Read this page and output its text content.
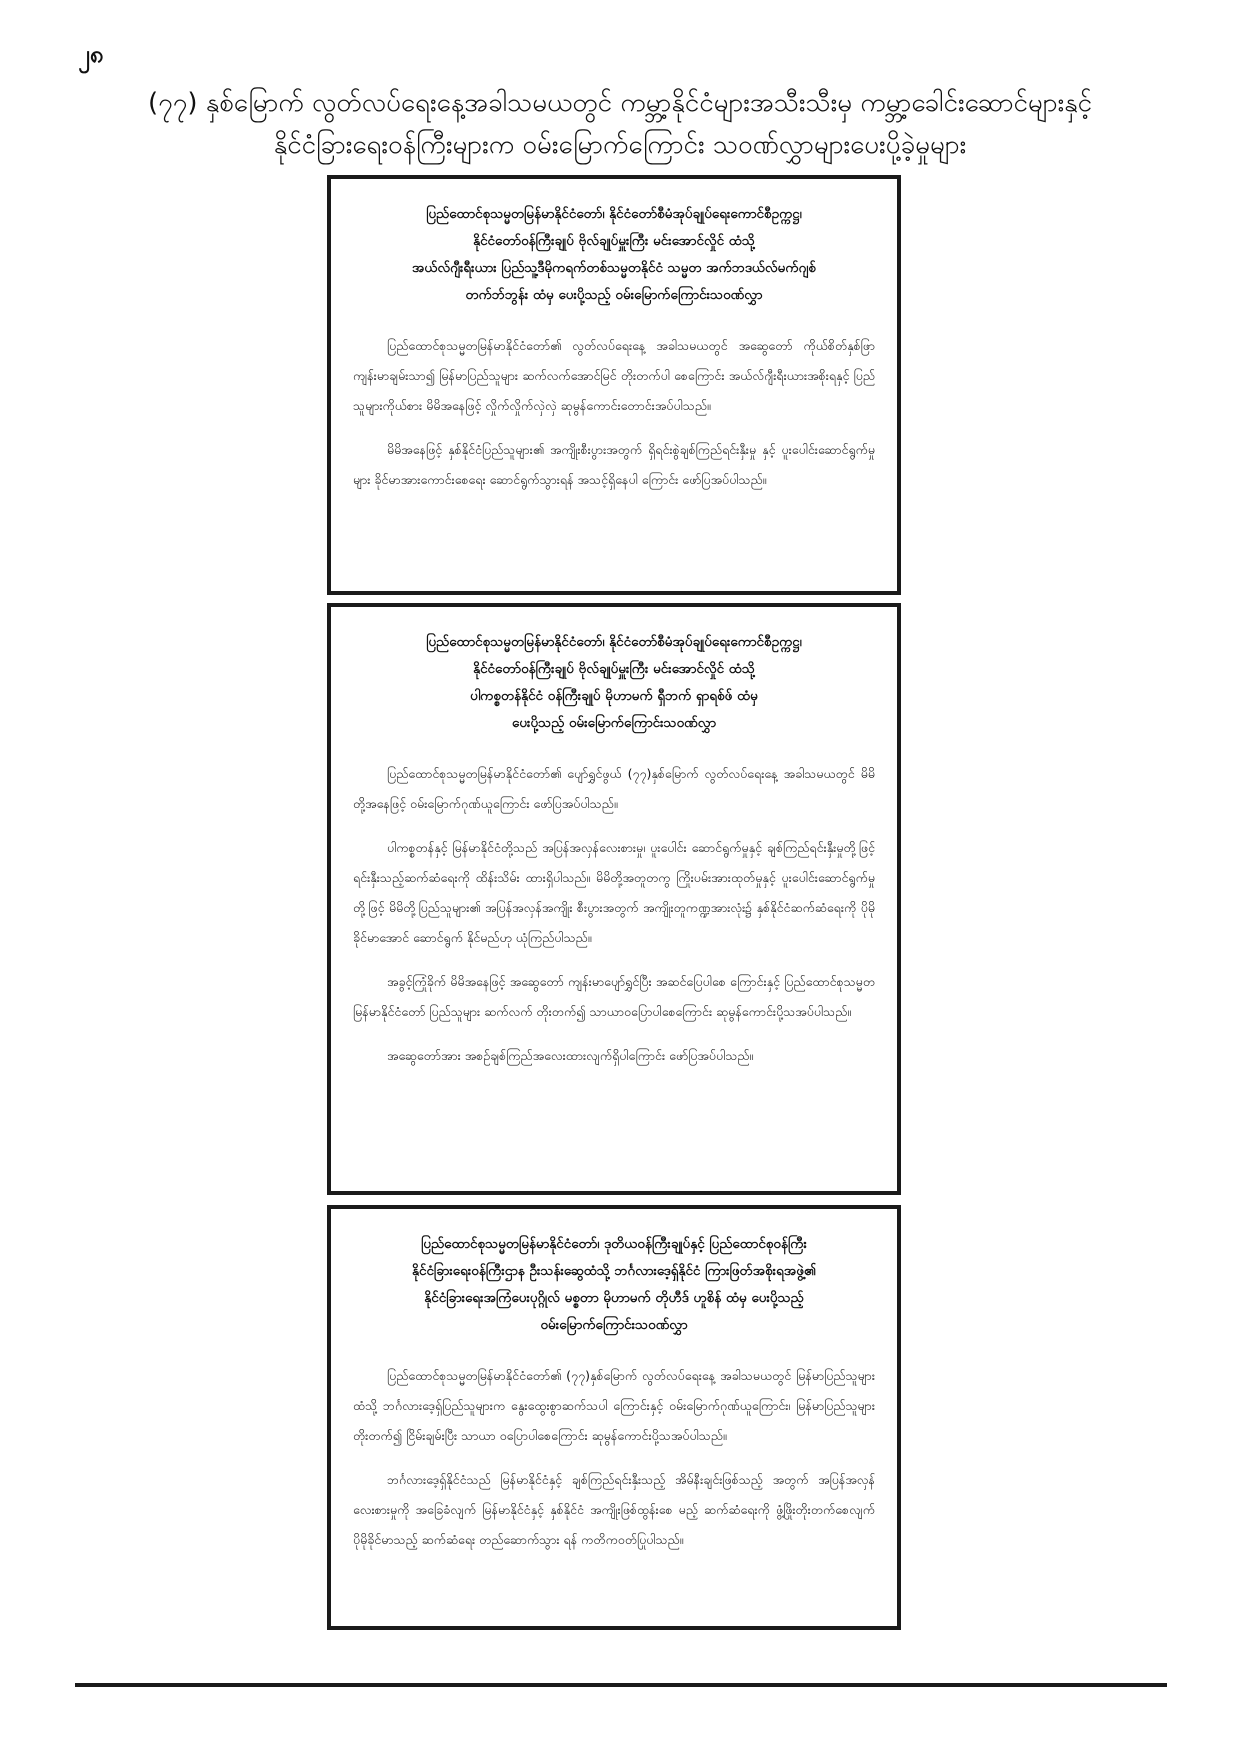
၂၈
(၇၇) နှစ်မြောက် လွတ်လပ်ရေးနေ့အခါသမယတွင် ကမ္ဘာ့နိုင်ငံများအသီးသီးမှ ကမ္ဘာ့ခေါင်းဆောင်များနှင့်
နိုင်ငံခြားရေးဝန်ကြီးများက ဝမ်းမြောက်ကြောင်း သဝဏ်လွှာများပေးပို့ခဲ့မှုများ
ပြည်ထောင်စုသမ္မတမြန်မာနိုင်ငံတော်၊ နိုင်ငံတော်စီမံအုပ်ချုပ်ရေးကောင်စီဥက္ကဋ္ဌ၊
နိုင်ငံတော်ဝန်ကြီးချုပ် ဗိုလ်ချုပ်မှူးကြီး မင်းအောင်လှိုင် ထံသို့
အယ်လ်ဂျီးရီးယား ပြည်သူ့ဒီမိုကရက်တစ်သမ္မတနိုင်ငံ သမ္မတ အက်ဘဒယ်လ်မက်ဂျစ်
တက်ဘ်ဘွန်း ထံမှ ပေးပို့သည့် ဝမ်းမြောက်ကြောင်းသဝဏ်လွှာ

ပြည်ထောင်စုသမ္မတမြန်မာနိုင်ငံတော်၏ လွတ်လပ်ရေးနေ့ အခါသမယတွင် အဆွေတော် ကိုယ်စိတ်နှစ်ဖြာ ကျန်းမာချမ်းသာ၍ မြန်မာပြည်သူများ ဆက်လက်အောင်မြင် တိုးတက်ပါ စေကြောင်း အယ်လ်ဂျီးရီးယားအစိုးရနှင့် ပြည်သူများကိုယ်စား မိမိအနေဖြင့် လှိုက်လှိုက်လှဲလှဲ ဆုမွန်ကောင်းတောင်းအပ်ပါသည်။

မိမိအနေဖြင့် နှစ်နိုင်ငံပြည်သူများ၏ အကျိုးစီးပွားအတွက် ရှိရင်းစွဲချစ်ကြည်ရင်းနှီးမှု နှင့် ပူးပေါင်းဆောင်ရွက်မှုများ ခိုင်မာအားကောင်းစေရေး ဆောင်ရွက်သွားရန် အသင့်ရှိနေပါ ကြောင်း ဖော်ပြအပ်ပါသည်။

ပြည်ထောင်စုသမ္မတမြန်မာနိုင်ငံတော်၊ နိုင်ငံတော်စီမံအုပ်ချုပ်ရေးကောင်စီဥက္ကဋ္ဌ၊
နိုင်ငံတော်ဝန်ကြီးချုပ် ဗိုလ်ချုပ်မှူးကြီး မင်းအောင်လှိုင် ထံသို့
ပါကစ္စတန်နိုင်ငံ ဝန်ကြီးချုပ် မိုဟာမက် ရှီဘက် ရှာရစ်ဖ် ထံမှ
ပေးပို့သည့် ဝမ်းမြောက်ကြောင်းသဝဏ်လွှာ

ပြည်ထောင်စုသမ္မတမြန်မာနိုင်ငံတော်၏ ပျော်ရွှင်ဖွယ် (၇၇)နှစ်မြောက် လွတ်လပ်ရေးနေ့ အခါသမယတွင် မိမိတို့အနေဖြင့် ဝမ်းမြောက်ဂုဏ်ယူကြောင်း ဖော်ပြအပ်ပါသည်။

ပါကစ္စတန်နှင့် မြန်မာနိုင်ငံတို့သည် အပြန်အလှန်လေးစားမှု၊ ပူးပေါင်း ဆောင်ရွက်မှုနှင့် ချစ်ကြည်ရင်းနှီးမှုတို့ဖြင့် ရင်းနှီးသည့်ဆက်ဆံရေးကို ထိန်းသိမ်း ထားရှိပါသည်။ မိမိတို့အတူတကွ ကြိုးပမ်းအားထုတ်မှုနှင့် ပူးပေါင်းဆောင်ရွက်မှုတို့ဖြင့် မိမိတို့ပြည်သူများ၏ အပြန်အလှန်အကျိုး စီးပွားအတွက် အကျိုးတူကဏ္ဍအားလုံး၌ နှစ်နိုင်ငံဆက်ဆံရေးကို ပိုမိုခိုင်မာအောင် ဆောင်ရွက် နိုင်မည်ဟု ယုံကြည်ပါသည်။

အခွင့်ကြုံခိုက် မိမိအနေဖြင့် အဆွေတော် ကျန်းမာပျော်ရွှင်ပြီး အဆင်ပြေပါစေ ကြောင်းနှင့် ပြည်ထောင်စုသမ္မတမြန်မာနိုင်ငံတော် ပြည်သူများ ဆက်လက် တိုးတက်၍ သာယာဝပြောပါစေကြောင်း ဆုမွန်ကောင်းပို့သအပ်ပါသည်။

အဆွေတော်အား အစဉ်ချစ်ကြည်အလေးထားလျက်ရှိပါကြောင်း ဖော်ပြအပ်ပါသည်။

ပြည်ထောင်စုသမ္မတမြန်မာနိုင်ငံတော်၊ ဒုတိယဝန်ကြီးချုပ်နှင့် ပြည်ထောင်စုဝန်ကြီး
နိုင်ငံခြားရေးဝန်ကြီးဌာန ဦးသန်းဆွေထံသို့ ဘင်္ဂလားဒေ့ရှ်နိုင်ငံ ကြားဖြတ်အစိုးရအဖွဲ့၏
နိုင်ငံခြားရေးအကြံပေးပုဂ္ဂိုလ် မစ္စတာ မိုဟာမက် တိုဟီဒ် ဟူစိန် ထံမှ ပေးပို့သည့်
ဝမ်းမြောက်ကြောင်းသဝဏ်လွှာ

ပြည်ထောင်စုသမ္မတမြန်မာနိုင်ငံတော်၏ (၇၇)နှစ်မြောက် လွတ်လပ်ရေးနေ့ အခါသမယတွင် မြန်မာပြည်သူများထံသို့ ဘင်္ဂလားဒေ့ရှ်ပြည်သူများက နွေးထွေးစွာဆက်သပါ ကြောင်းနှင့် ဝမ်းမြောက်ဂုဏ်ယူကြောင်း၊ မြန်မာပြည်သူများ တိုးတက်၍ ငြိမ်းချမ်းပြီး သာယာ ဝပြောပါစေကြောင်း ဆုမွန်ကောင်းပို့သအပ်ပါသည်။

ဘင်္ဂလားဒေ့ရှ်နိုင်ငံသည် မြန်မာနိုင်ငံနှင့် ချစ်ကြည်ရင်းနှီးသည့် အိမ်နီးချင်းဖြစ်သည့် အတွက် အပြန်အလှန်လေးစားမှုကို အခြေခံလျက် မြန်မာနိုင်ငံနှင့် နှစ်နိုင်ငံ အကျိုးဖြစ်ထွန်းစေ မည့် ဆက်ဆံရေးကို ဖွံ့ဖြိုးတိုးတက်စေလျက် ပိုမိုခိုင်မာသည့် ဆက်ဆံရေး တည်ဆောက်သွား ရန် ကတိကဝတ်ပြုပါသည်။
